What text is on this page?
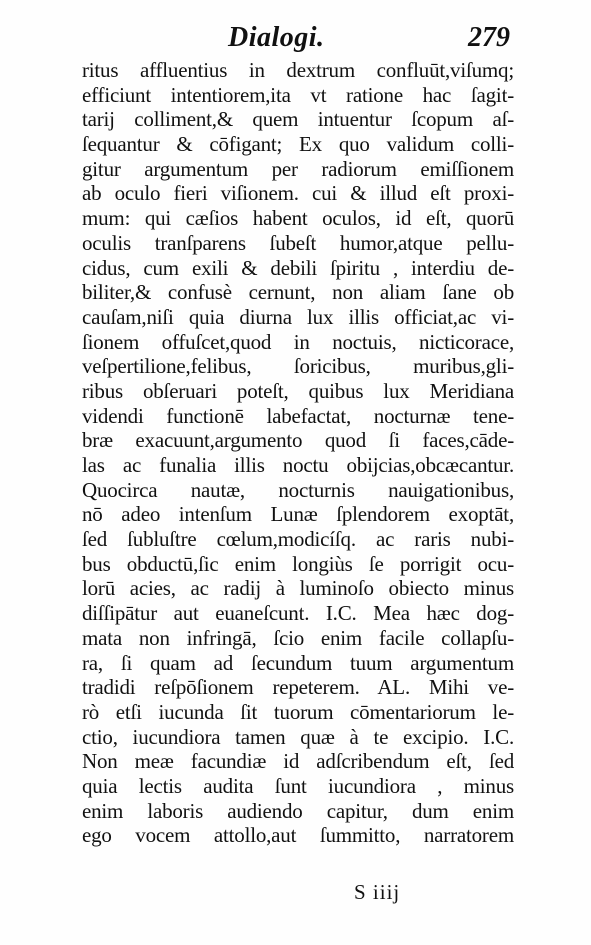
Dialogi.	279
ritus affluentius in dextrum confluūt,viſumq;
efficiunt intentiorem,ita vt ratione hac ſagit-
tarij colliment,& quem intuentur ſcopum aſ-
ſequantur & cōfigant; Ex quo validum colli-
gitur argumentum per radiorum emiſſionem
ab oculo fieri viſionem. cui & illud eſt proxi-
mum: qui cæſios habent oculos, id eſt, quorū
oculis tranſparens ſubeſt humor,atque pellu-
cidus, cum exili & debili ſpiritu , interdiu de-
biliter,& confusè cernunt, non aliam ſane ob
cauſam,niſi quia diurna lux illis officiat,ac vi-
ſionem offuſcet,quod in noctuis, nicticorace,
veſpertilione,felibus, ſoricibus, muribus,gli-
ribus obſeruari poteſt, quibus lux Meridiana
videndi functionē labefactat, nocturnæ tene-
bræ exacuunt,argumento quod ſi faces,cāde-
las ac funalia illis noctu obijcias,obcæcantur.
Quocirca nautæ, nocturnis nauigationibus,
nō adeo intenſum Lunæ ſplendorem exoptāt,
ſed ſubluſtre cœlum,modicíſq. ac raris nubi-
bus obductū,ſic enim longiùs ſe porrigit ocu-
lorū acies, ac radij à luminoſo obiecto minus
diſſipātur aut euaneſcunt. I.C. Mea hæc dog-
mata non infringā, ſcio enim facile collapſu-
ra, ſi quam ad ſecundum tuum argumentum
tradidi reſpōſionem repeterem. AL. Mihi ve-
rò etſi iucunda ſit tuorum cōmentariorum le-
ctio, iucundiora tamen quæ à te excipio. I.C.
Non meæ facundiæ id adſcribendum eſt, ſed
quia lectis audita ſunt iucundiora , minus
enim laboris audiendo capitur, dum enim
ego vocem attollo,aut ſummitto, narratorem
S iiij
